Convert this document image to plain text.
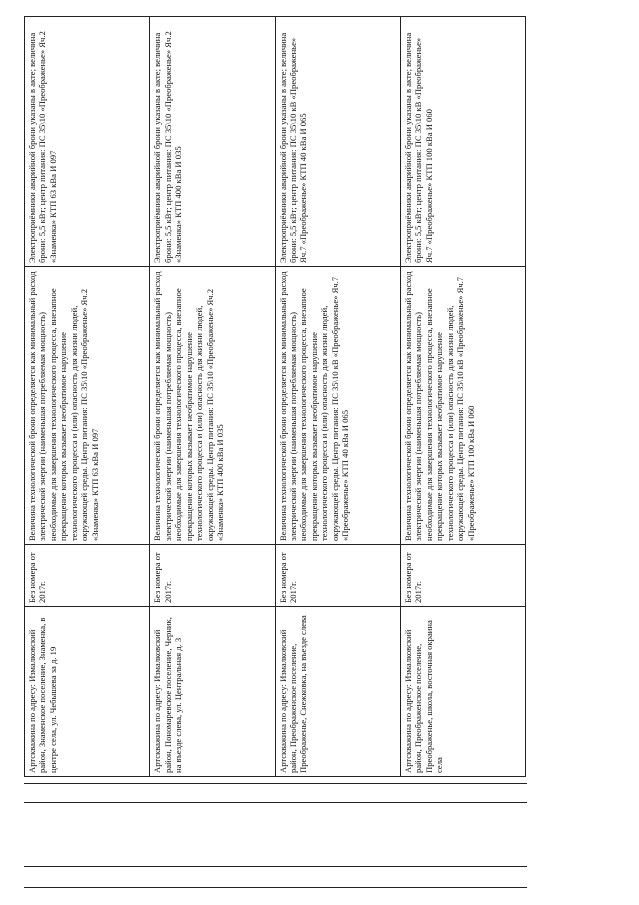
Артскважина по адресу: Измалковский район, Знаменское поселение, Знаменка, в центре села, ул. Чебышева за д. 19	Без номера от 2017г.	Величина технологической брони определяется как минимальный расход электрической энергии (наименьшая потребляемая мощность) необходимые для завершения технологического процесса, внезапное прекращение которых вызывает необратимое нарушение технологического процесса и (или) опасность для жизни людей, окружающей среды. Центр питания: ПС 35\10 «Преображенье» Яч.2 «Знаменка» КТП 63 кВа И 097	Электроприёмники аварийной брони указаны в акте; величина брони: 5,5 кВт; центр питания: ПС 35\10 «Преображенье» Яч.2 «Знаменка» КТП 63 кВа И 097
Артскважина по адресу: Измалковский район, Пономаревское поселение, Черник, на въезде слева, ул. Центральная д. 3	Без номера от 2017г.	Величина технологической брони определяется как минимальный расход электрической энергии (наименьшая потребляемая мощность) необходимые для завершения технологического процесса, внезапное прекращение которых вызывает необратимое нарушение технологического процесса и (или) опасность для жизни людей, окружающей среды. Центр питания: ПС 35\10 «Преображенье» Яч.2 «Знаменка» КТП 400 кВа И 035	Электроприёмники аварийной брони указаны в акте; величина брони: 5,5 кВт; центр питания: ПС 35\10 «Преображенье» Яч.2 «Знаменка» КТП 400 кВа И 035
Артскважина по адресу: Измалковский район, Преображенское поселение, Преображенье, Снежковка, на въезде слева	Без номера от 2017г.	Величина технологической брони определяется как минимальный расход электрической энергии (наименьшая потребляемая мощность) необходимые для завершения технологического процесса, внезапное прекращение которых вызывает необратимое нарушение технологического процесса и (или) опасность для жизни людей, окружающей среды. Центр питания: ПС 35\10 кВ «Преображенье» Яч.7 «Преображенье» КТП 40 кВа И 065	Электроприёмники аварийной брони указаны в акте; величина брони: 5,5 кВт; центр питания: ПС 35\10 кВ «Преображенье» Яч.7 «Преображенье» КТП 40 кВа И 065
Артскважина по адресу: Измалковский район, Преображенское поселение, Преображенье, школа, восточная окраина села	Без номера от 2017г.	Величина технологической брони определяется как минимальный расход электрической энергии (наименьшая потребляемая мощность) необходимые для завершения технологического процесса, внезапное прекращение которых вызывает необратимое нарушение технологического процесса и (или) опасность для жизни людей, окружающей среды. Центр питания: ПС 35\10 кВ «Преображенье» Яч.7 «Преображенье» КТП 100 кВа И 060	Электроприёмники аварийной брони указаны в акте; величина брони: 5,5 кВт; центр питания: ПС 35\10 кВ «Преображенье» Яч.7 «Преображенье» КТП 100 кВа И 060
